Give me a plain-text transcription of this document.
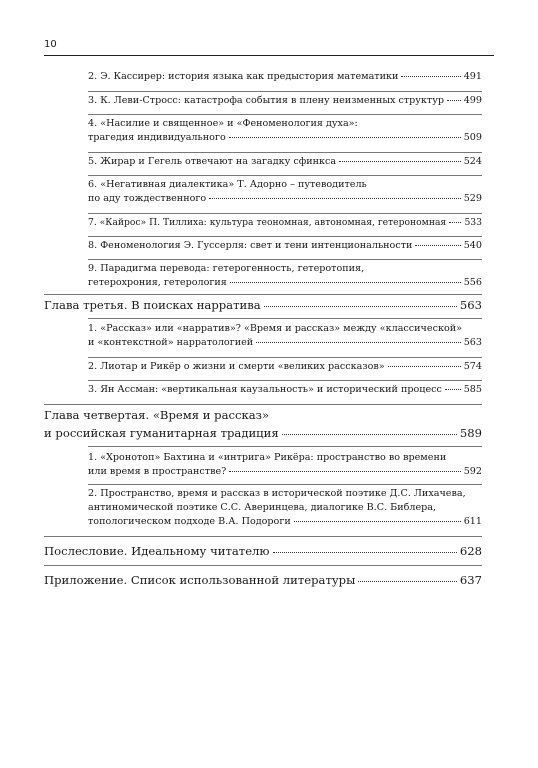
10
2. Э. Кассирер: история языка как предыстория математики	491
3. К. Леви-Стросс: катастрофа события в плену неизменных структур 499
4. «Насилие и священное» и «Феноменология духа»:
трагедия индивидуального	509
5. Жирар и Гегель отвечают на загадку сфинкса	524
6. «Негативная диалектика» Т. Адорно – путеводитель
по аду тождественного	529
7. «Кайрос» П. Тиллиха: культура теономная, автономная, гетерономная 533
8. Феноменология Э. Гуссерля: свет и тени интенциональности	540
9. Парадигма перевода: гетерогенность, гетеротопия,
гетерохрония, гетерология	556
Глава третья. В поисках нарратива	563
1. «Рассказ» или «нарратив»? «Время и рассказ» между «классической»
и «контекстной» нарратологией	563
2. Лиотар и Рикёр о жизни и смерти «великих рассказов»	574
3. Ян Ассман: «вертикальная каузальность» и исторический процесс 585
Глава четвертая. «Время и рассказ»
и российская гуманитарная традиция	589
1. «Хронотоп» Бахтина и «интрига» Рикёра: пространство во времени
или время в пространстве?	592
2. Пространство, время и рассказ в исторической поэтике Д.С. Лихачева,
антиномической поэтике С.С. Аверинцева, диалогике В.С. Библера,
топологическом подходе В.А. Подороги	611
Послесловие. Идеальному читателю	628
Приложение. Список использованной литературы	637
